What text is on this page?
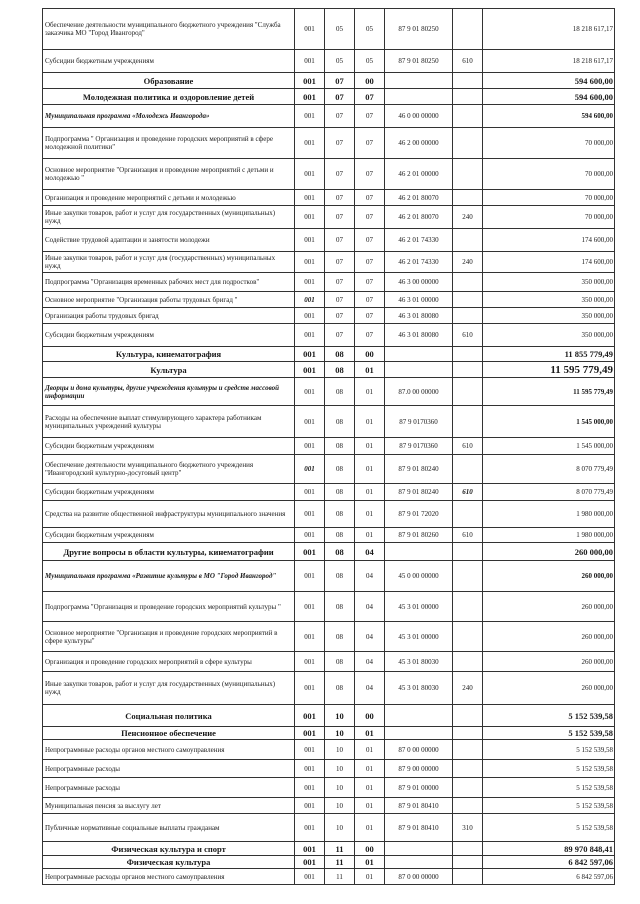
Обеспечение деятельности муниципального бюджетного учреждения "Служба заказчика МО "Город Ивангород"	001	05	05	87 9 01 80250		18 218 617,17
Субсидии бюджетным учреждениям	001	05	05	87 9 01 80250	610	18 218 617,17
Образование	001	07	00			594 600,00
Молодежная политика и оздоровление детей	001	07	07			594 600,00
Муниципальная программа «Молодежь Ивангорода»	001	07	07	46 0 00 00000		594 600,00
Подпрограмма " Организация и проведение городских мероприятий в сфере молодежной политики"	001	07	07	46 2 00 00000		70 000,00
Основное мероприятие "Организация и проведение мероприятий с детьми и молодежью "	001	07	07	46 2 01 00000		70 000,00
Организация и проведение мероприятий с детьми и молодежью	001	07	07	46 2 01 80070		70 000,00
Иные закупки товаров, работ и услуг для государственных (муниципальных) нужд	001	07	07	46 2 01 80070	240	70 000,00
Содействие трудовой адаптации и занятости молодежи	001	07	07	46 2 01 74330		174 600,00
Иные закупки товаров, работ и услуг для (государственных) муниципальных нужд	001	07	07	46 2 01 74330	240	174 600,00
Подпрограмма "Организация временных рабочих мест для подростков"	001	07	07	46 3 00 00000		350 000,00
Основное мероприятие "Организация работы трудовых бригад "	001	07	07	46 3 01 00000		350 000,00
Организация работы трудовых бригад	001	07	07	46 3 01 80080		350 000,00
Субсидии бюджетным учреждениям	001	07	07	46 3 01 80080	610	350 000,00
Культура, кинематография	001	08	00			11 855 779,49
Культура	001	08	01			11 595 779,49
Дворцы и дома культуры, другие учреждения культуры и средств массовой информации	001	08	01	87.0 00 00000		11 595 779,49
Расходы на обеспечение выплат стимулирующего характера работникам муниципальных учреждений культуры	001	08	01	87 9 0170360		1 545 000,00
Субсидии бюджетным учреждениям	001	08	01	87 9 0170360	610	1 545 000,00
Обеспечение деятельности муниципального бюджетного учреждения "Ивангородский культурно-досуговый центр"	001	08	01	87 9 01 80240		8 070 779,49
Субсидии бюджетным учреждениям	001	08	01	87 9 01 80240	610	8 070 779,49
Средства на развитие общественной инфраструктуры муниципального значения	001	08	01	87 9 01 72020		1 980 000,00
Субсидии бюджетным учреждениям	001	08	01	87 9 01 80260	610	1 980 000,00
Другие вопросы в области культуры, кинематографии	001	08	04			260 000,00
Муниципальная программа «Развитие культуры в МО "Город Ивангород"	001	08	04	45 0 00 00000		260 000,00
Подпрограмма "Организация и проведение городских мероприятий культуры "	001	08	04	45 3 01 00000		260 000,00
Основное мероприятие "Организация и проведение городских мероприятий в сфере культуры"	001	08	04	45 3 01 00000		260 000,00
Организация и проведение городских мероприятий в сфере культуры	001	08	04	45 3 01 80030		260 000,00
Иные закупки товаров, работ и услуг для государственных (муниципальных) нужд	001	08	04	45 3 01 80030	240	260 000,00
Социальная политика	001	10	00			5 152 539,58
Пенсионное обеспечение	001	10	01			5 152 539,58
Непрограммные расходы органов местного самоуправления	001	10	01	87 0 00 00000		5 152 539,58
Непрограммные расходы	001	10	01	87 9 00 00000		5 152 539,58
Непрограммные расходы	001	10	01	87 9 01 00000		5 152 539,58
Муниципальная пенсия за выслугу лет	001	10	01	87 9 01 80410		5 152 539,58
Публичные нормативные социальные выплаты гражданам	001	10	01	87 9 01 80410	310	5 152 539,58
Физическая культура и спорт	001	11	00			89 970 848,41
Физическая культура	001	11	01			6 842 597,06
Непрограммные расходы органов местного самоуправления	001	11	01	87 0 00 00000		6 842 597,06
